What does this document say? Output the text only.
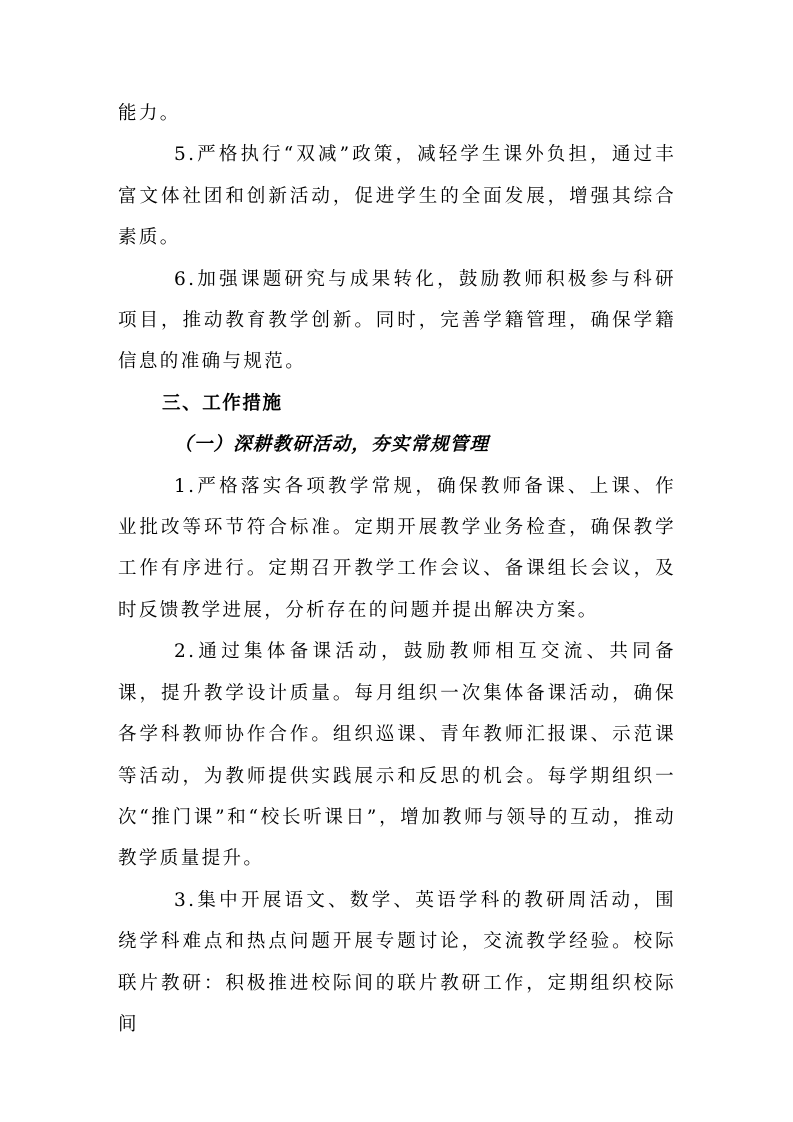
能力。

5.严格执行“双减”政策，减轻学生课外负担，通过丰富文体社团和创新活动，促进学生的全面发展，增强其综合素质。

6.加强课题研究与成果转化，鼓励教师积极参与科研项目，推动教育教学创新。同时，完善学籍管理，确保学籍信息的准确与规范。

三、工作措施
（一）深耕教研活动，夯实常规管理

1.严格落实各项教学常规，确保教师备课、上课、作业批改等环节符合标准。定期开展教学业务检查，确保教学工作有序进行。定期召开教学工作会议、备课组长会议，及时反馈教学进展，分析存在的问题并提出解决方案。

2.通过集体备课活动，鼓励教师相互交流、共同备课，提升教学设计质量。每月组织一次集体备课活动，确保各学科教师协作合作。组织巡课、青年教师汇报课、示范课等活动，为教师提供实践展示和反思的机会。每学期组织一次“推门课”和“校长听课日”，增加教师与领导的互动，推动教学质量提升。

3.集中开展语文、数学、英语学科的教研周活动，围绕学科难点和热点问题开展专题讨论，交流教学经验。校际联片教研：积极推进校际间的联片教研工作，定期组织校际间
